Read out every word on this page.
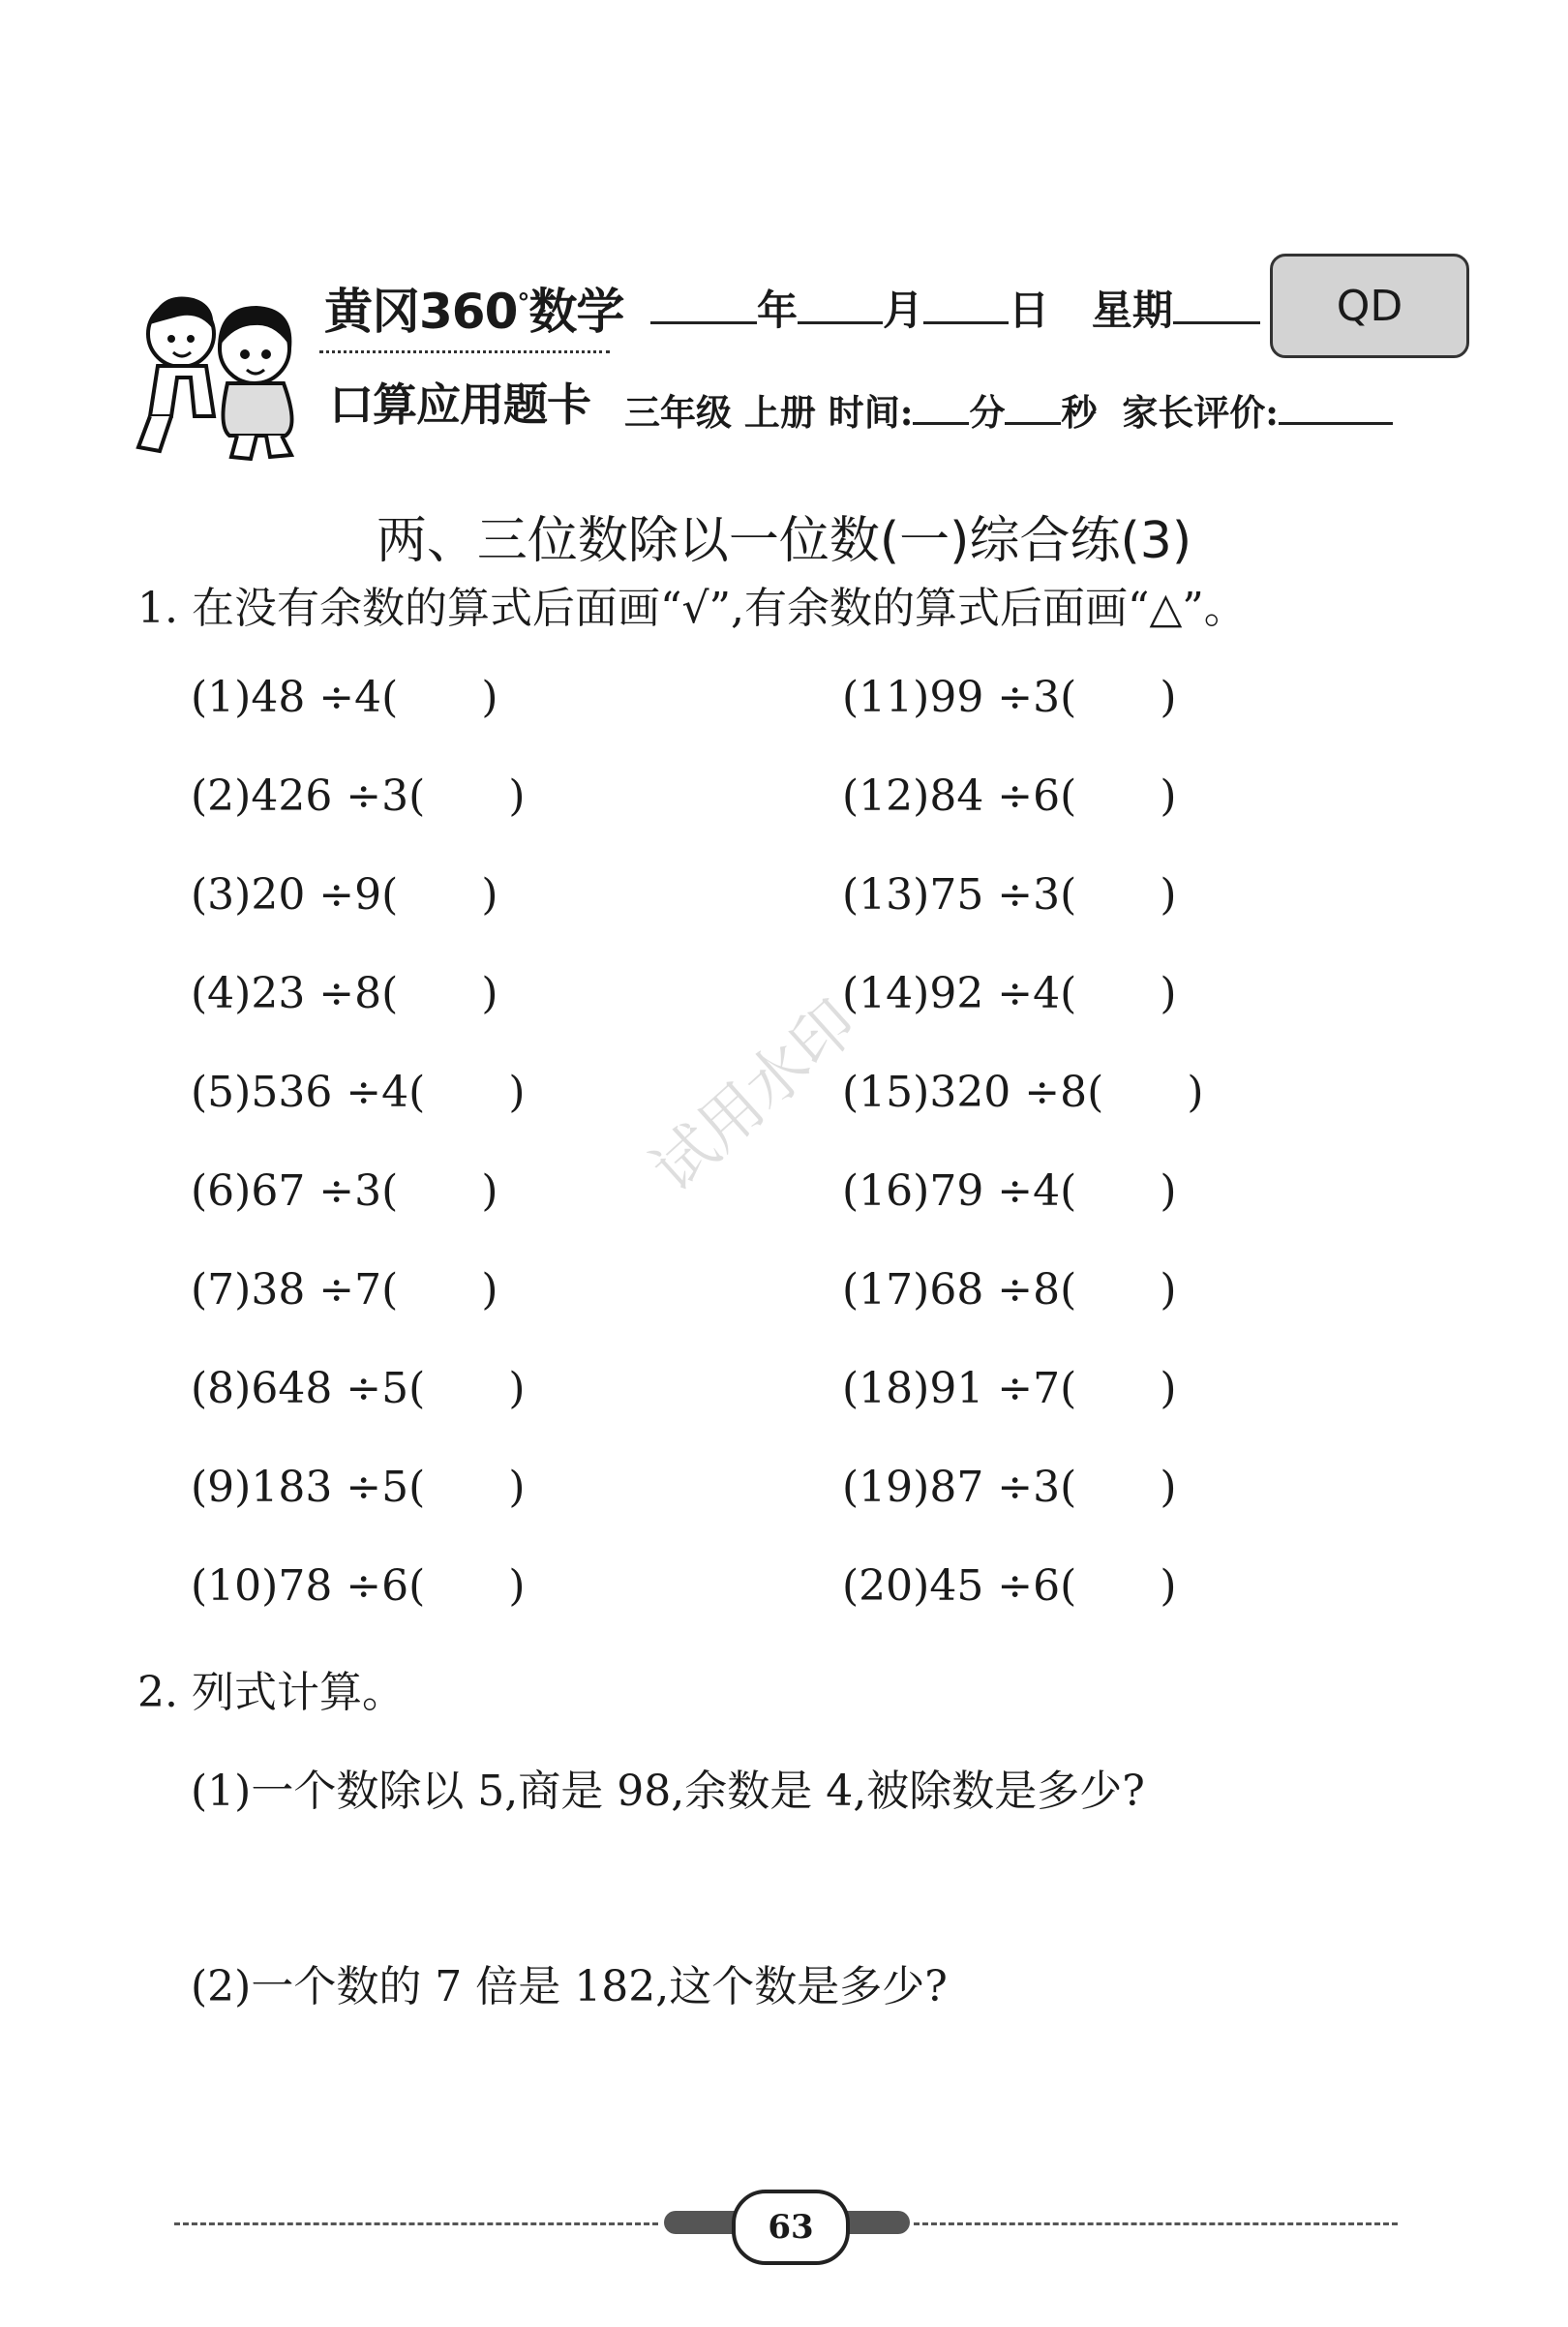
黄冈360°数学
口算应用题卡
年 月 日 星期	QD
三年级 上册 时间: 分 秒 家长评价:
两、三位数除以一位数(一)综合练(3)
1. 在没有余数的算式后面画“√”,有余数的算式后面画“△”。
(1)48 ÷4( )
(2)426 ÷3( )
(3)20 ÷9( )
(4)23 ÷8( )
(5)536 ÷4( )
(6)67 ÷3( )
(7)38 ÷7( )
(8)648 ÷5( )
(9)183 ÷5( )
(10)78 ÷6( )
(11)99 ÷3( )
(12)84 ÷6( )
(13)75 ÷3( )
(14)92 ÷4( )
(15)320 ÷8( )
(16)79 ÷4( )
(17)68 ÷8( )
(18)91 ÷7( )
(19)87 ÷3( )
(20)45 ÷6( )
2. 列式计算。
(1)一个数除以 5,商是 98,余数是 4,被除数是多少?
(2)一个数的 7 倍是 182,这个数是多少?
试用水印
63
